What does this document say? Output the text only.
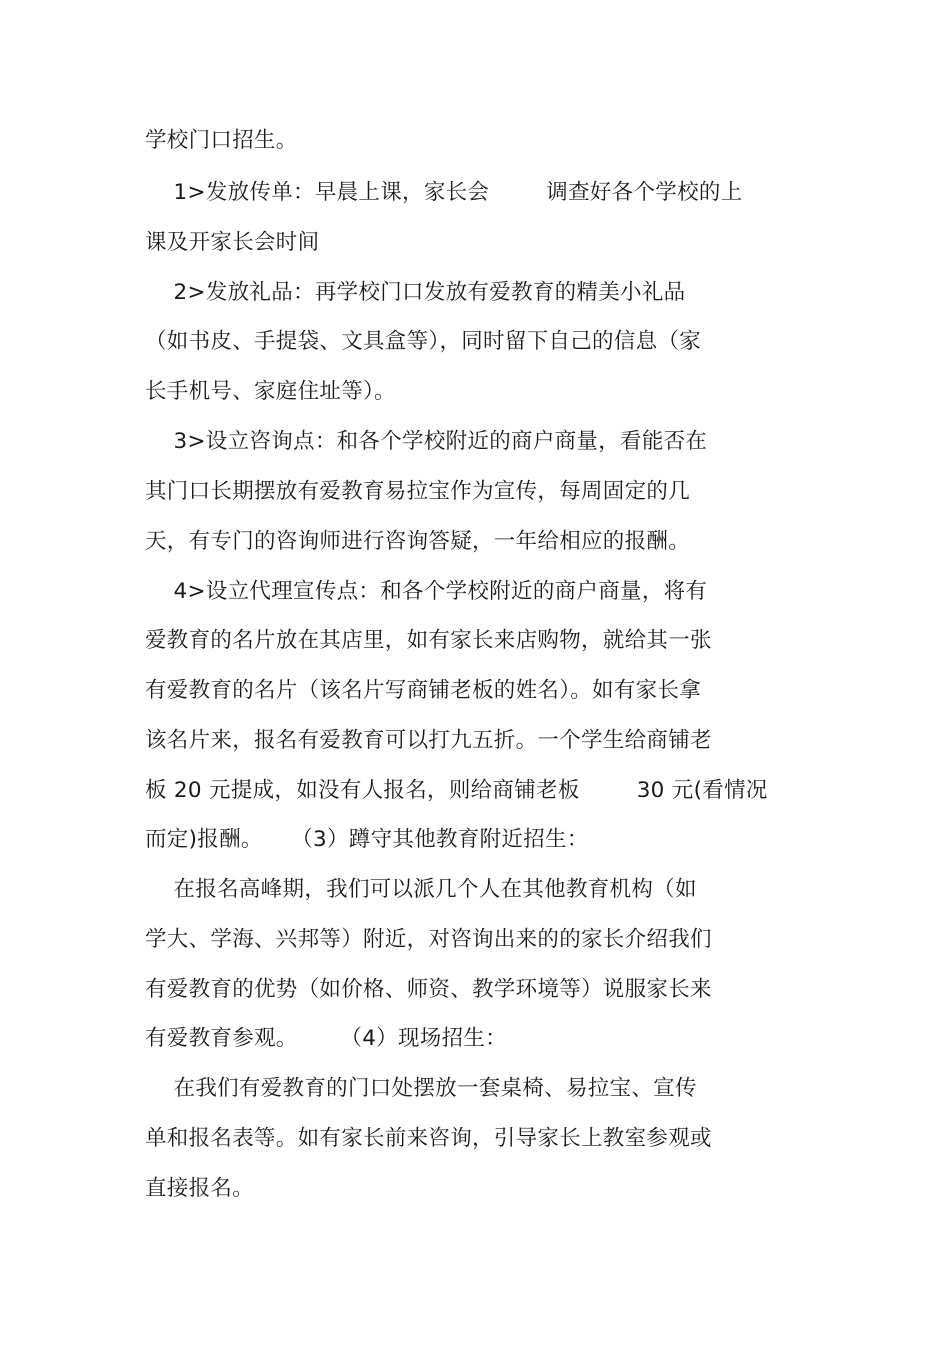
学校门口招生。
1>发放传单：早晨上课，家长会        调查好各个学校的上
课及开家长会时间
2>发放礼品：再学校门口发放有爱教育的精美小礼品
（如书皮、手提袋、文具盒等），同时留下自己的信息（家
长手机号、家庭住址等）。
3>设立咨询点：和各个学校附近的商户商量，看能否在
其门口长期摆放有爱教育易拉宝作为宣传，每周固定的几
天，有专门的咨询师进行咨询答疑，一年给相应的报酬。
4>设立代理宣传点：和各个学校附近的商户商量，将有
爱教育的名片放在其店里，如有家长来店购物，就给其一张
有爱教育的名片（该名片写商铺老板的姓名）。如有家长拿
该名片来，报名有爱教育可以打九五折。一个学生给商铺老
板 20 元提成，如没有人报名，则给商铺老板        30 元(看情况
而定)报酬。    （3）蹲守其他教育附近招生：
在报名高峰期，我们可以派几个人在其他教育机构（如
学大、学海、兴邦等）附近，对咨询出来的的家长介绍我们
有爱教育的优势（如价格、师资、教学环境等）说服家长来
有爱教育参观。      （4）现场招生：
在我们有爱教育的门口处摆放一套桌椅、易拉宝、宣传
单和报名表等。如有家长前来咨询，引导家长上教室参观或
直接报名。
